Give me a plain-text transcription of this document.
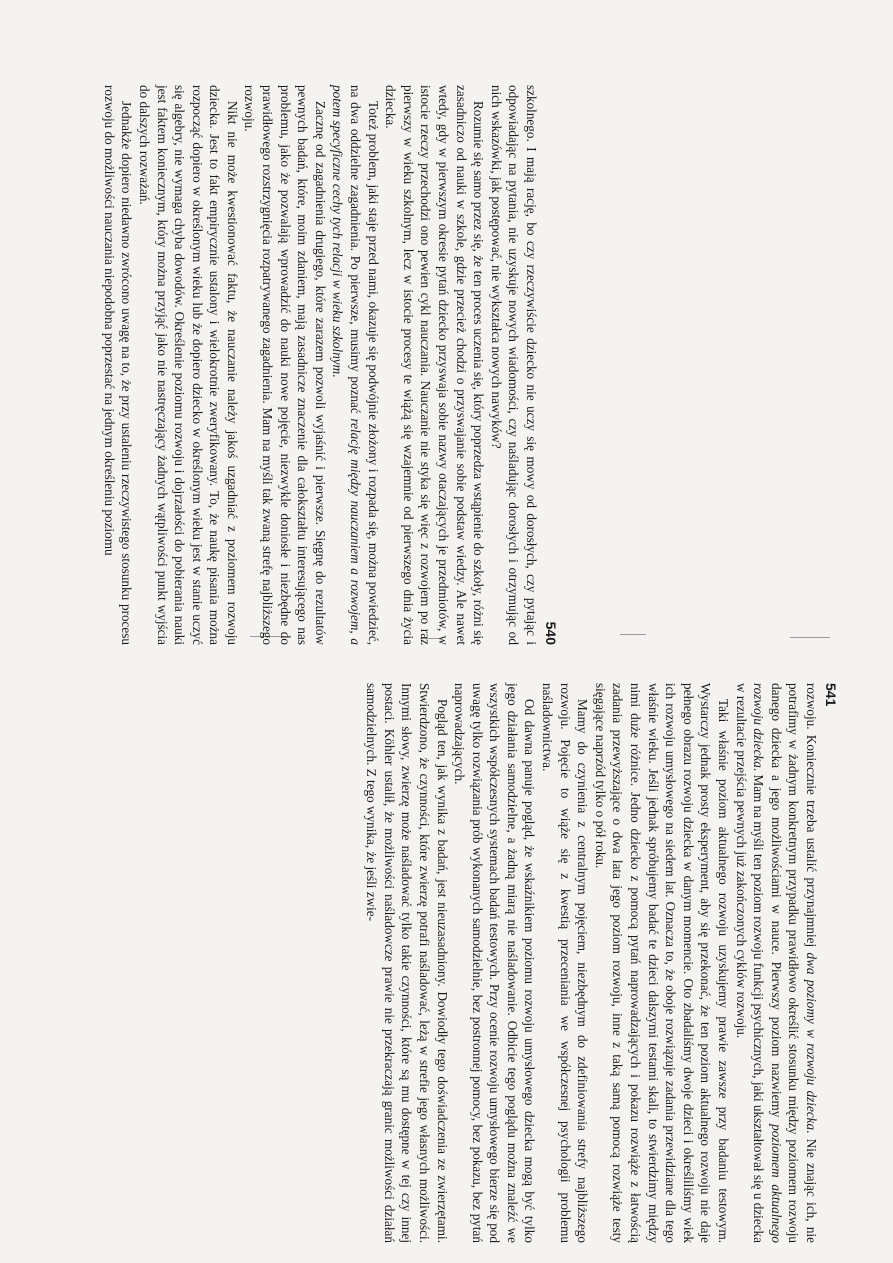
540

szkolnego. I mają rację, bo czy rzeczywiście dziecko nie uczy się mowy od dorosłych, czy pytając i odpowiadając na pytania, nie uzyskuje nowych wiadomości, czy naśladując dorosłych i otrzymując od nich wskazówki, jak postępować, nie wykształca nowych nawyków?

Rozumie się samo przez się, że ten proces uczenia się, który poprzedza wstąpienie do szkoły, różni się zasadniczo od nauki w szkole, gdzie przecież chodzi o przyswajanie sobie podstaw wiedzy. Ale nawet wtedy, gdy w pierwszym okresie pytań dziecko przyswaja sobie nazwy otaczających je przedmiotów, w istocie rzeczy przechodzi ono pewien cykl nauczania. Nauczanie nie styka się więc z rozwojem po raz pierwszy w wieku szkolnym, lecz w istocie procesy te wiążą się wzajemnie od pierwszego dnia życia dziecka.

Toteż problem, jaki staje przed nami, okazuje się podwójnie złożony i rozpada się, można powiedzieć, na dwa oddzielne zagadnienia. Po pierwsze, musimy poznać relację między nauczaniem a rozwojem, a potem specyficzne cechy tych relacji w wieku szkolnym.

Zacznę od zagadnienia drugiego, które zarazem pozwoli wyjaśnić i pierwsze. Sięgnę do rezultatów pewnych badań, które, moim zdaniem, mają zasadnicze znaczenie dla całokształtu interesującego nas problemu, jako że pozwalają wprowadzić do nauki nowe pojęcie, niezwykle doniosłe i niezbędne do prawidłowego rozstrzygnięcia rozpatrywanego zagadnienia. Mam na myśli tak zwaną strefę najbliższego rozwoju.

Nikt nie może kwestionować faktu, że nauczanie należy jakoś uzgadniać z poziomem rozwoju dziecka. Jest to fakt empirycznie ustalony i wielokrotnie zweryfikowany. To, że naukę pisania można rozpocząć dopiero w określonym wieku lub że dopiero dziecko w określonym wieku jest w stanie uczyć się algebry, nie wymaga chyba dowodów. Określenie poziomu rozwoju i dojrzałości do pobierania nauki jest faktem koniecznym, który można przyjąć jako nie nastręczający żadnych wątpliwości punkt wyjścia do dalszych rozważań.

Jednakże dopiero niedawno zwrócono uwagę na to, że przy ustaleniu rzeczywistego stosunku procesu rozwoju do możliwości nauczania niepodobna poprzestać na jednym określeniu poziomu

541

rozwoju. Koniecznie trzeba ustalić przynajmniej dwa poziomy w rozwoju dziecka. Nie znając ich, nie potrafimy w żadnym konkretnym przypadku prawidłowo określić stosunku między poziomem rozwoju danego dziecka a jego możliwościami w nauce. Pierwszy poziom nazwiemy poziomem aktualnego rozwoju dziecka. Mam na myśli ten poziom rozwoju funkcji psychicznych, jaki ukształtował się u dziecka w rezultacie przejścia pewnych już zakończonych cyklów rozwoju.

Taki właśnie poziom aktualnego rozwoju uzyskujemy prawie zawsze przy badaniu testowym. Wystarczy jednak prosty eksperyment, aby się przekonać, że ten poziom aktualnego rozwoju nie daje pełnego obrazu rozwoju dziecka w danym momencie. Oto zbadaliśmy dwoje dzieci i określiliśmy wiek ich rozwoju umysłowego na siedem lat. Oznacza to, że oboje rozwiązuje zadania przewidziane dla tego właśnie wieku. Jeśli jednak spróbujemy badać te dzieci dalszymi testami skali, to stwierdzimy między nimi duże różnice. Jedno dziecko z pomocą pytań naprowadzających i pokazu rozwiąże z łatwością zadania przewyższające o dwa lata jego poziom rozwoju, inne z taką samą pomocą rozwiąże testy sięgające naprzód tylko o pół roku.

Mamy do czynienia z centralnym pojęciem, niezbędnym do zdefiniowania strefy najbliższego rozwoju. Pojęcie to wiąże się z kwestią przeceniania we współczesnej psychologii problemu naśladownictwa.

Od dawna panuje pogląd, że wskaźnikiem poziomu rozwoju umysłowego dziecka mogą być tylko jego działania samodzielne, a żadną miarą nie naśladowanie. Odbicie tego poglądu można znaleźć we wszystkich współczesnych systemach badań testowych. Przy ocenie rozwoju umysłowego bierze się pod uwagę tylko rozwiązania prób wykonanych samodzielnie, bez postronnej pomocy, bez pokazu, bez pytań naprowadzających.

Pogląd ten, jak wynika z badań, jest nieuzasadniony. Dowiodły tego doświadczenia ze zwierzętami. Stwierdzono, że czynności, które zwierzę potrafi naśladować, leżą w strefie jego własnych możliwości. Innymi słowy, zwierzę może naśladować tylko takie czynności, które są mu dostępne w tej czy innej postaci. Köhler ustalił, że możliwości naśladowcze prawie nie przekraczają granic możliwości działań samodzielnych. Z tego wynika, że jeśli zwie-
